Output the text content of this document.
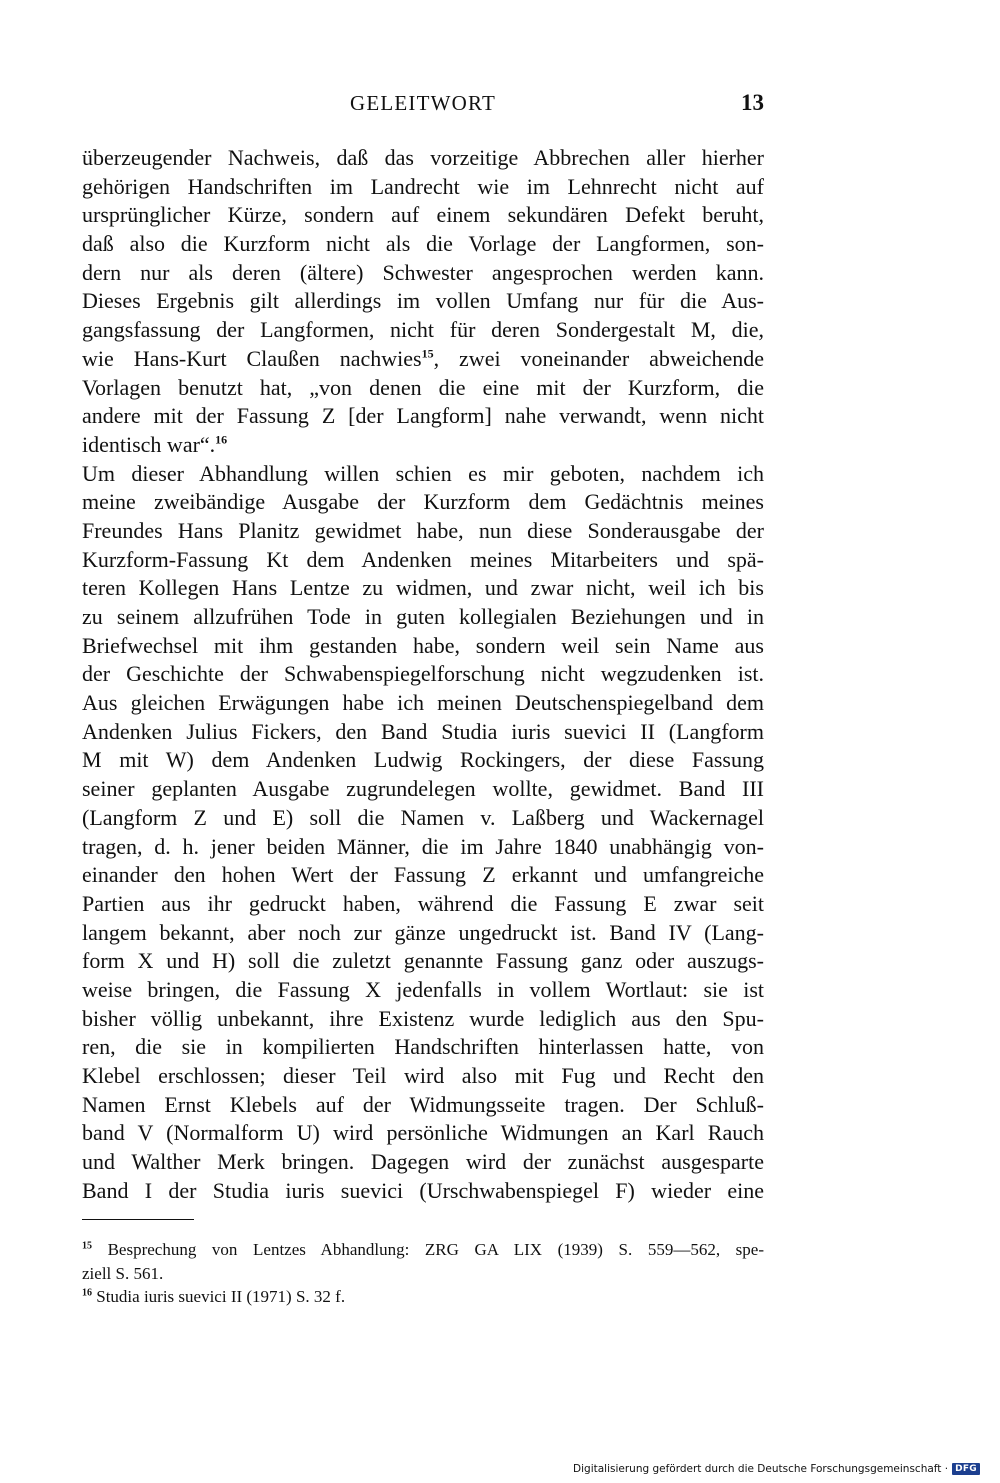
GELEITWORT	13
überzeugender Nachweis, daß das vorzeitige Abbrechen aller hierher
gehörigen Handschriften im Landrecht wie im Lehnrecht nicht auf
ursprünglicher Kürze, sondern auf einem sekundären Defekt beruht,
daß also die Kurzform nicht als die Vorlage der Langformen, son-
dern nur als deren (ältere) Schwester angesprochen werden kann.
Dieses Ergebnis gilt allerdings im vollen Umfang nur für die Aus-
gangsfassung der Langformen, nicht für deren Sondergestalt M, die,
wie Hans-Kurt Claußen nachwies$^{15}$, zwei voneinander abweichende
Vorlagen benutzt hat, „von denen die eine mit der Kurzform, die
andere mit der Fassung Z [der Langform] nahe verwandt, wenn nicht
identisch war“.$^{16}$
Um dieser Abhandlung willen schien es mir geboten, nachdem ich
meine zweibändige Ausgabe der Kurzform dem Gedächtnis meines
Freundes Hans Planitz gewidmet habe, nun diese Sonderausgabe der
Kurzform-Fassung Kt dem Andenken meines Mitarbeiters und spä-
teren Kollegen Hans Lentze zu widmen, und zwar nicht, weil ich bis
zu seinem allzufrühen Tode in guten kollegialen Beziehungen und in
Briefwechsel mit ihm gestanden habe, sondern weil sein Name aus
der Geschichte der Schwabenspiegelforschung nicht wegzudenken ist.
Aus gleichen Erwägungen habe ich meinen Deutschenspiegelband dem
Andenken Julius Fickers, den Band Studia iuris suevici II (Langform
M mit W) dem Andenken Ludwig Rockingers, der diese Fassung
seiner geplanten Ausgabe zugrundelegen wollte, gewidmet. Band III
(Langform Z und E) soll die Namen v. Laßberg und Wackernagel
tragen, d. h. jener beiden Männer, die im Jahre 1840 unabhängig von-
einander den hohen Wert der Fassung Z erkannt und umfangreiche
Partien aus ihr gedruckt haben, während die Fassung E zwar seit
langem bekannt, aber noch zur gänze ungedruckt ist. Band IV (Lang-
form X und H) soll die zuletzt genannte Fassung ganz oder auszugs-
weise bringen, die Fassung X jedenfalls in vollem Wortlaut: sie ist
bisher völlig unbekannt, ihre Existenz wurde lediglich aus den Spu-
ren, die sie in kompilierten Handschriften hinterlassen hatte, von
Klebel erschlossen; dieser Teil wird also mit Fug und Recht den
Namen Ernst Klebels auf der Widmungsseite tragen. Der Schluß-
band V (Normalform U) wird persönliche Widmungen an Karl Rauch
und Walther Merk bringen. Dagegen wird der zunächst ausgesparte
Band I der Studia iuris suevici (Urschwabenspiegel F) wieder eine
$^{15}$ Besprechung von Lentzes Abhandlung: ZRG GA LIX (1939) S. 559—562, spe-
ziell S. 561.
$^{16}$ Studia iuris suevici II (1971) S. 32 f.
Digitalisierung gefördert durch die Deutsche Forschungsgemeinschaft · DFG
